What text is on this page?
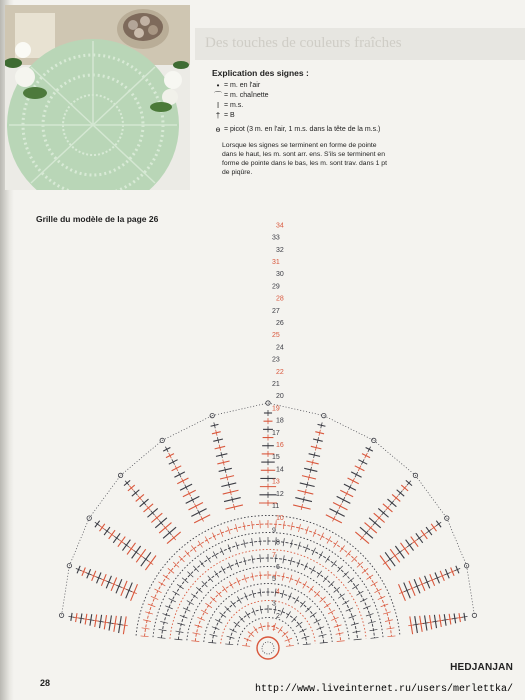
Des touches de couleurs fraîches
Explication des signes :
• = m. en l'air
⌒ = m. chaînette
ǀ = m.s.
† = B
ɵ = picot (3 m. en l'air, 1 m.s. dans la tête de la m.s.)

Lorsque les signes se terminent en forme de pointe dans le haut, les m. sont arr. ens. S'ils se terminent en forme de pointe dans le bas, les m. sont trav. dans 1 pt de piqûre.

Grille du modèle de la page 26
1
2
3
4
5
6
7
8
9
10
11
12
13
14
15
16
17
18
19
20
21
22
23
24
25
26
27
28
29
30
31
32
33
34
28
HEDJANJAN
http://www.liveinternet.ru/users/merlettka/
